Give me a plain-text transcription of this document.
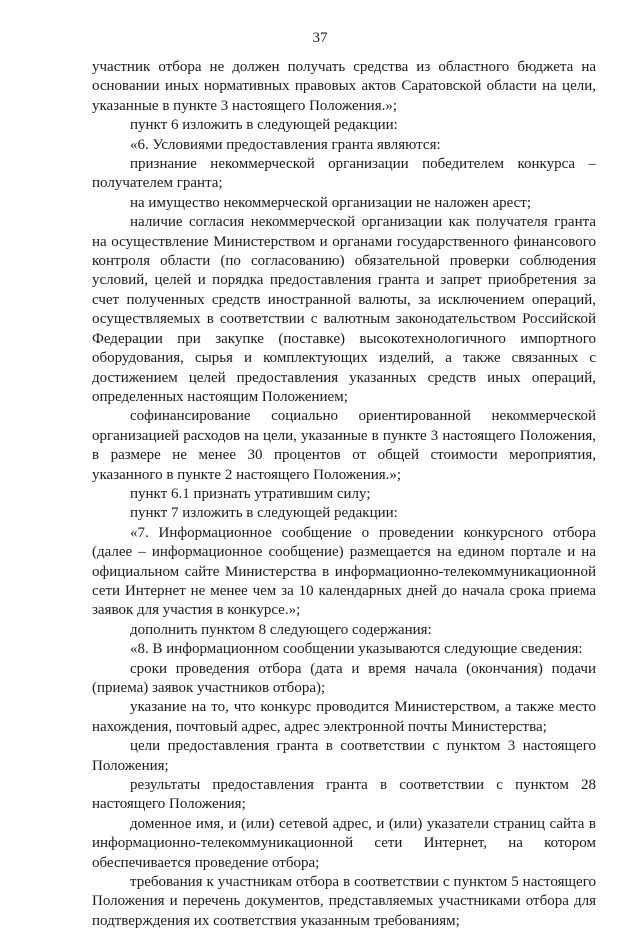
37

участник отбора не должен получать средства из областного бюджета на основании иных нормативных правовых актов Саратовской области на цели, указанные в пункте 3 настоящего Положения.»;

пункт 6 изложить в следующей редакции:

«6. Условиями предоставления гранта являются:

признание некоммерческой организации победителем конкурса – получателем гранта;

на имущество некоммерческой организации не наложен арест;

наличие согласия некоммерческой организации как получателя гранта на осуществление Министерством и органами государственного финансового контроля области (по согласованию) обязательной проверки соблюдения условий, целей и порядка предоставления гранта и запрет приобретения за счет полученных средств иностранной валюты, за исключением операций, осуществляемых в соответствии с валютным законодательством Российской Федерации при закупке (поставке) высокотехнологичного импортного оборудования, сырья и комплектующих изделий, а также связанных с достижением целей предоставления указанных средств иных операций, определенных настоящим Положением;

софинансирование социально ориентированной некоммерческой организацией расходов на цели, указанные в пункте 3 настоящего Положения, в размере не менее 30 процентов от общей стоимости мероприятия, указанного в пункте 2 настоящего Положения.»;

пункт 6.1 признать утратившим силу;

пункт 7 изложить в следующей редакции:

«7. Информационное сообщение о проведении конкурсного отбора (далее – информационное сообщение) размещается на едином портале и на официальном сайте Министерства в информационно-телекоммуникационной сети Интернет не менее чем за 10 календарных дней до начала срока приема заявок для участия в конкурсе.»;

дополнить пунктом 8 следующего содержания:

«8. В информационном сообщении указываются следующие сведения:

сроки проведения отбора (дата и время начала (окончания) подачи (приема) заявок участников отбора);

указание на то, что конкурс проводится Министерством, а также место нахождения, почтовый адрес, адрес электронной почты Министерства;

цели предоставления гранта в соответствии с пунктом 3 настоящего Положения;

результаты предоставления гранта в соответствии с пунктом 28 настоящего Положения;

доменное имя, и (или) сетевой адрес, и (или) указатели страниц сайта в информационно-телекоммуникационной сети Интернет, на котором обеспечивается проведение отбора;

требования к участникам отбора в соответствии с пунктом 5 настоящего Положения и перечень документов, представляемых участниками отбора для подтверждения их соответствия указанным требованиям;
